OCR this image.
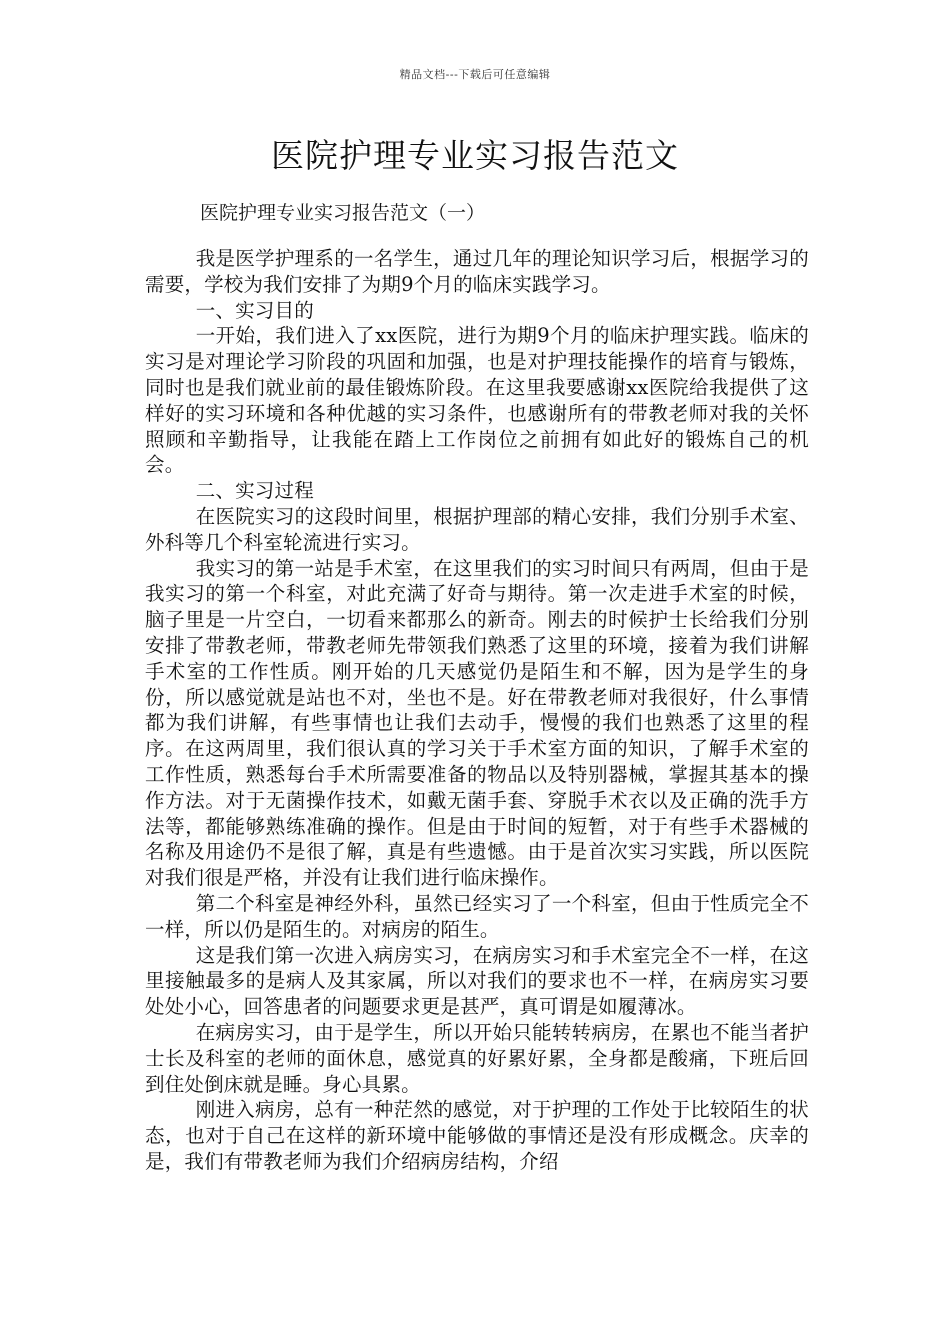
精品文档---下载后可任意编辑
医院护理专业实习报告范文
医院护理专业实习报告范文（一）

我是医学护理系的一名学生，通过几年的理论知识学习后，根据学习的需要，学校为我们安排了为期9个月的临床实践学习。

一、实习目的

一开始，我们进入了xx医院，进行为期9个月的临床护理实践。临床的实习是对理论学习阶段的巩固和加强，也是对护理技能操作的培育与锻炼，同时也是我们就业前的最佳锻炼阶段。在这里我要感谢xx医院给我提供了这样好的实习环境和各种优越的实习条件，也感谢所有的带教老师对我的关怀照顾和辛勤指导，让我能在踏上工作岗位之前拥有如此好的锻炼自己的机会。

二、实习过程

在医院实习的这段时间里，根据护理部的精心安排，我们分别手术室、外科等几个科室轮流进行实习。

我实习的第一站是手术室，在这里我们的实习时间只有两周，但由于是我实习的第一个科室，对此充满了好奇与期待。第一次走进手术室的时候，脑子里是一片空白，一切看来都那么的新奇。刚去的时候护士长给我们分别安排了带教老师，带教老师先带领我们熟悉了这里的环境，接着为我们讲解手术室的工作性质。刚开始的几天感觉仍是陌生和不解，因为是学生的身份，所以感觉就是站也不对，坐也不是。好在带教老师对我很好，什么事情都为我们讲解，有些事情也让我们去动手，慢慢的我们也熟悉了这里的程序。在这两周里，我们很认真的学习关于手术室方面的知识，了解手术室的工作性质，熟悉每台手术所需要准备的物品以及特别器械，掌握其基本的操作方法。对于无菌操作技术，如戴无菌手套、穿脱手术衣以及正确的洗手方法等，都能够熟练准确的操作。但是由于时间的短暂，对于有些手术器械的名称及用途仍不是很了解，真是有些遗憾。由于是首次实习实践，所以医院对我们很是严格，并没有让我们进行临床操作。

第二个科室是神经外科，虽然已经实习了一个科室，但由于性质完全不一样，所以仍是陌生的。对病房的陌生。

这是我们第一次进入病房实习，在病房实习和手术室完全不一样，在这里接触最多的是病人及其家属，所以对我们的要求也不一样，在病房实习要处处小心，回答患者的问题要求更是甚严，真可谓是如履薄冰。

在病房实习，由于是学生，所以开始只能转转病房，在累也不能当者护士长及科室的老师的面休息，感觉真的好累好累，全身都是酸痛，下班后回到住处倒床就是睡。身心具累。

刚进入病房，总有一种茫然的感觉，对于护理的工作处于比较陌生的状态，也对于自己在这样的新环境中能够做的事情还是没有形成概念。庆幸的是，我们有带教老师为我们介绍病房结构，介绍
